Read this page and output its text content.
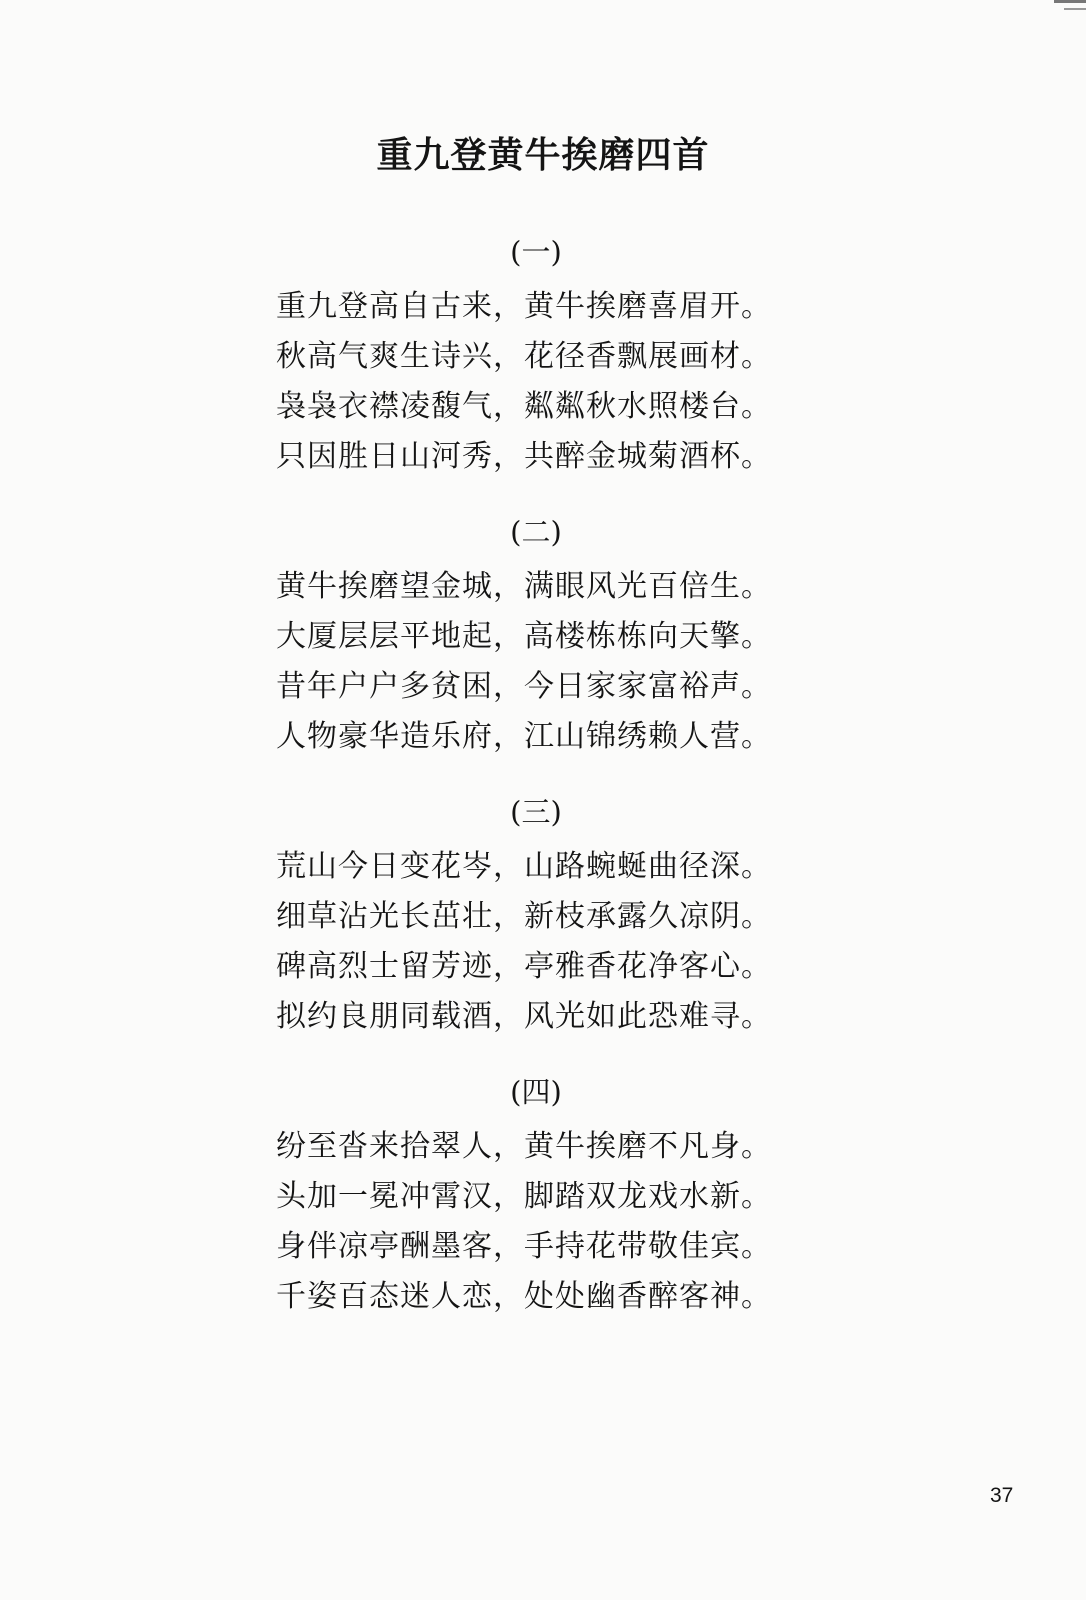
重九登黄牛挨磨四首
(一)
重九登高自古来，黄牛挨磨喜眉开。
秋高气爽生诗兴，花径香飘展画材。
袅袅衣襟凌馥气，粼粼秋水照楼台。
只因胜日山河秀，共醉金城菊酒杯。
(二)
黄牛挨磨望金城，满眼风光百倍生。
大厦层层平地起，高楼栋栋向天擎。
昔年户户多贫困，今日家家富裕声。
人物豪华造乐府，江山锦绣赖人营。
(三)
荒山今日变花岑，山路蜿蜒曲径深。
细草沾光长茁壮，新枝承露久凉阴。
碑高烈士留芳迹，亭雅香花净客心。
拟约良朋同载酒，风光如此恐难寻。
(四)
纷至沓来拾翠人，黄牛挨磨不凡身。
头加一冕冲霄汉，脚踏双龙戏水新。
身伴凉亭酬墨客，手持花带敬佳宾。
千姿百态迷人恋，处处幽香醉客神。
37
